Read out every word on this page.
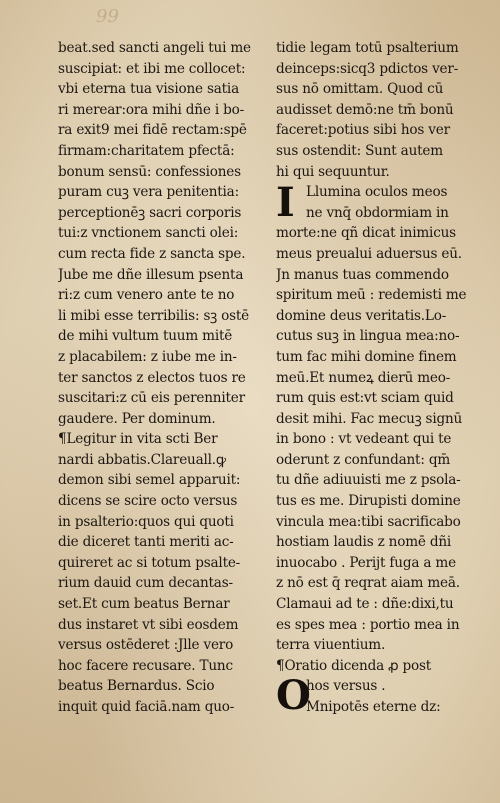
99
beat.sed sancti angeli tui me
suscipiat: et ibi me collocet:
vbi eterna tua visione satia
ri merear:ora mihi dñe i bo-
ra exit9 mei fidē rectam:spē
firmam:charitatem pfectā:
bonum sensū: confessiones
puram cuꝫ vera penitentia:
perceptionēꝫ sacri corporis
tui:z vnctionem sancti olei:
cum recta fide z sancta spe.
Jube me dñe illesum psenta
ri:z cum venero ante te no
li mibi esse terribilis: sꝫ ostē
de mihi vultum tuum mitē
z placabilem: z iube me in-
ter sanctos z electos tuos re
suscitari:z cū eis perenniter
gaudere. Per dominum.
¶Legitur in vita scti Ber
nardi abbatis.Clareuall.ꝙ
demon sibi semel apparuit:
dicens se scire octo versus
in psalterio:quos qui quoti
die diceret tanti meriti ac-
quireret ac si totum psalte-
rium dauid cum decantas-
set.Et cum beatus Bernar
dus instaret vt sibi eosdem
versus ostēderet :Jlle vero
hoc facere recusare. Tunc
beatus Bernardus. Scio
inquit quid faciā.nam quo-
tidie legam totū psalterium
deinceps:sicq3 pdictos ver-
sus nō omittam. Quod cū
audisset demō:ne tm̄ bonū
faceret:potius sibi hos ver
sus ostendit: Sunt autem
hi qui sequuntur.
I Llumina oculos meos
ne vnq̄ obdormiam in
morte:ne qñ dicat inimicus
meus preualui aduersus eū.
Jn manus tuas commendo
spiritum meū : redemisti me
domine deus veritatis.Lo-
cutus suꝫ in lingua mea:no-
tum fac mihi domine finem
meū.Et numeꝝ dierū meo-
rum quis est:vt sciam quid
desit mihi. Fac mecuꝫ signū
in bono : vt vedeant qui te
oderunt z confundant: qm̄
tu dñe adiuuisti me z psola-
tus es me. Dirupisti domine
vincula mea:tibi sacrificabo
hostiam laudis z nomē dñi
inuocabo . Perijt fuga a me
z nō est q̄ reqrat aiam meā.
Clamaui ad te : dñe:dixi,tu
es spes mea : portio mea in
terra viuentium.
¶Oratio dicenda ꝓ post
O
hos versus .
Mnipotēs eterne dz:
